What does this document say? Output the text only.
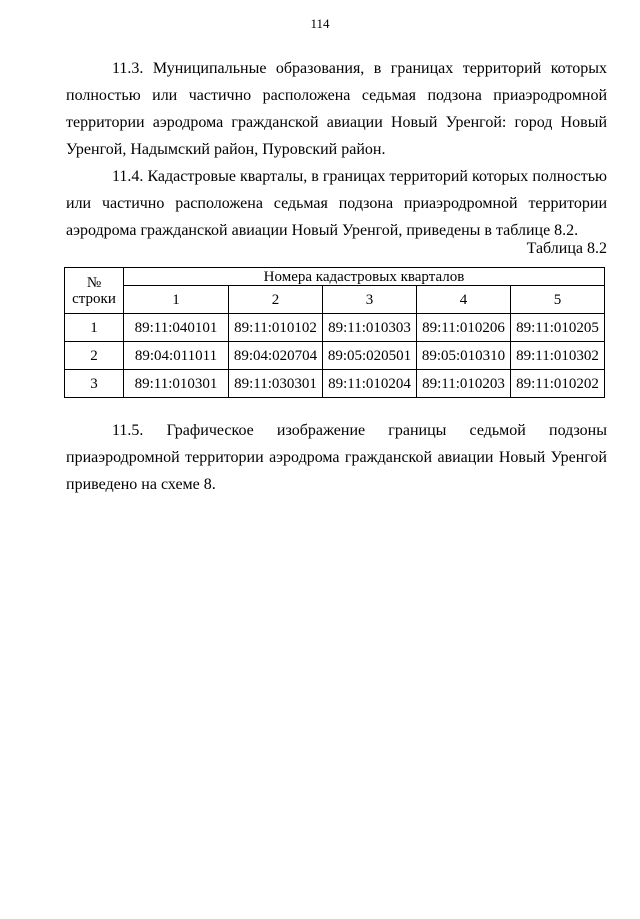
114

11.3. Муниципальные образования, в границах территорий которых полностью или частично расположена седьмая подзона приаэродромной территории аэродрома гражданской авиации Новый Уренгой: город Новый Уренгой, Надымский район, Пуровский район.

11.4. Кадастровые кварталы, в границах территорий которых полностью или частично расположена седьмая подзона приаэродромной территории аэродрома гражданской авиации Новый Уренгой, приведены в таблице 8.2.

Таблица 8.2
№
строки	Номера кадастровых кварталов				
	1	2	3	4	5
1	89:11:040101	89:11:010102	89:11:010303	89:11:010206	89:11:010205
2	89:04:011011	89:04:020704	89:05:020501	89:05:010310	89:11:010302
3	89:11:010301	89:11:030301	89:11:010204	89:11:010203	89:11:010202

11.5. Графическое изображение границы седьмой подзоны приаэродромной территории аэродрома гражданской авиации Новый Уренгой приведено на схеме 8.
